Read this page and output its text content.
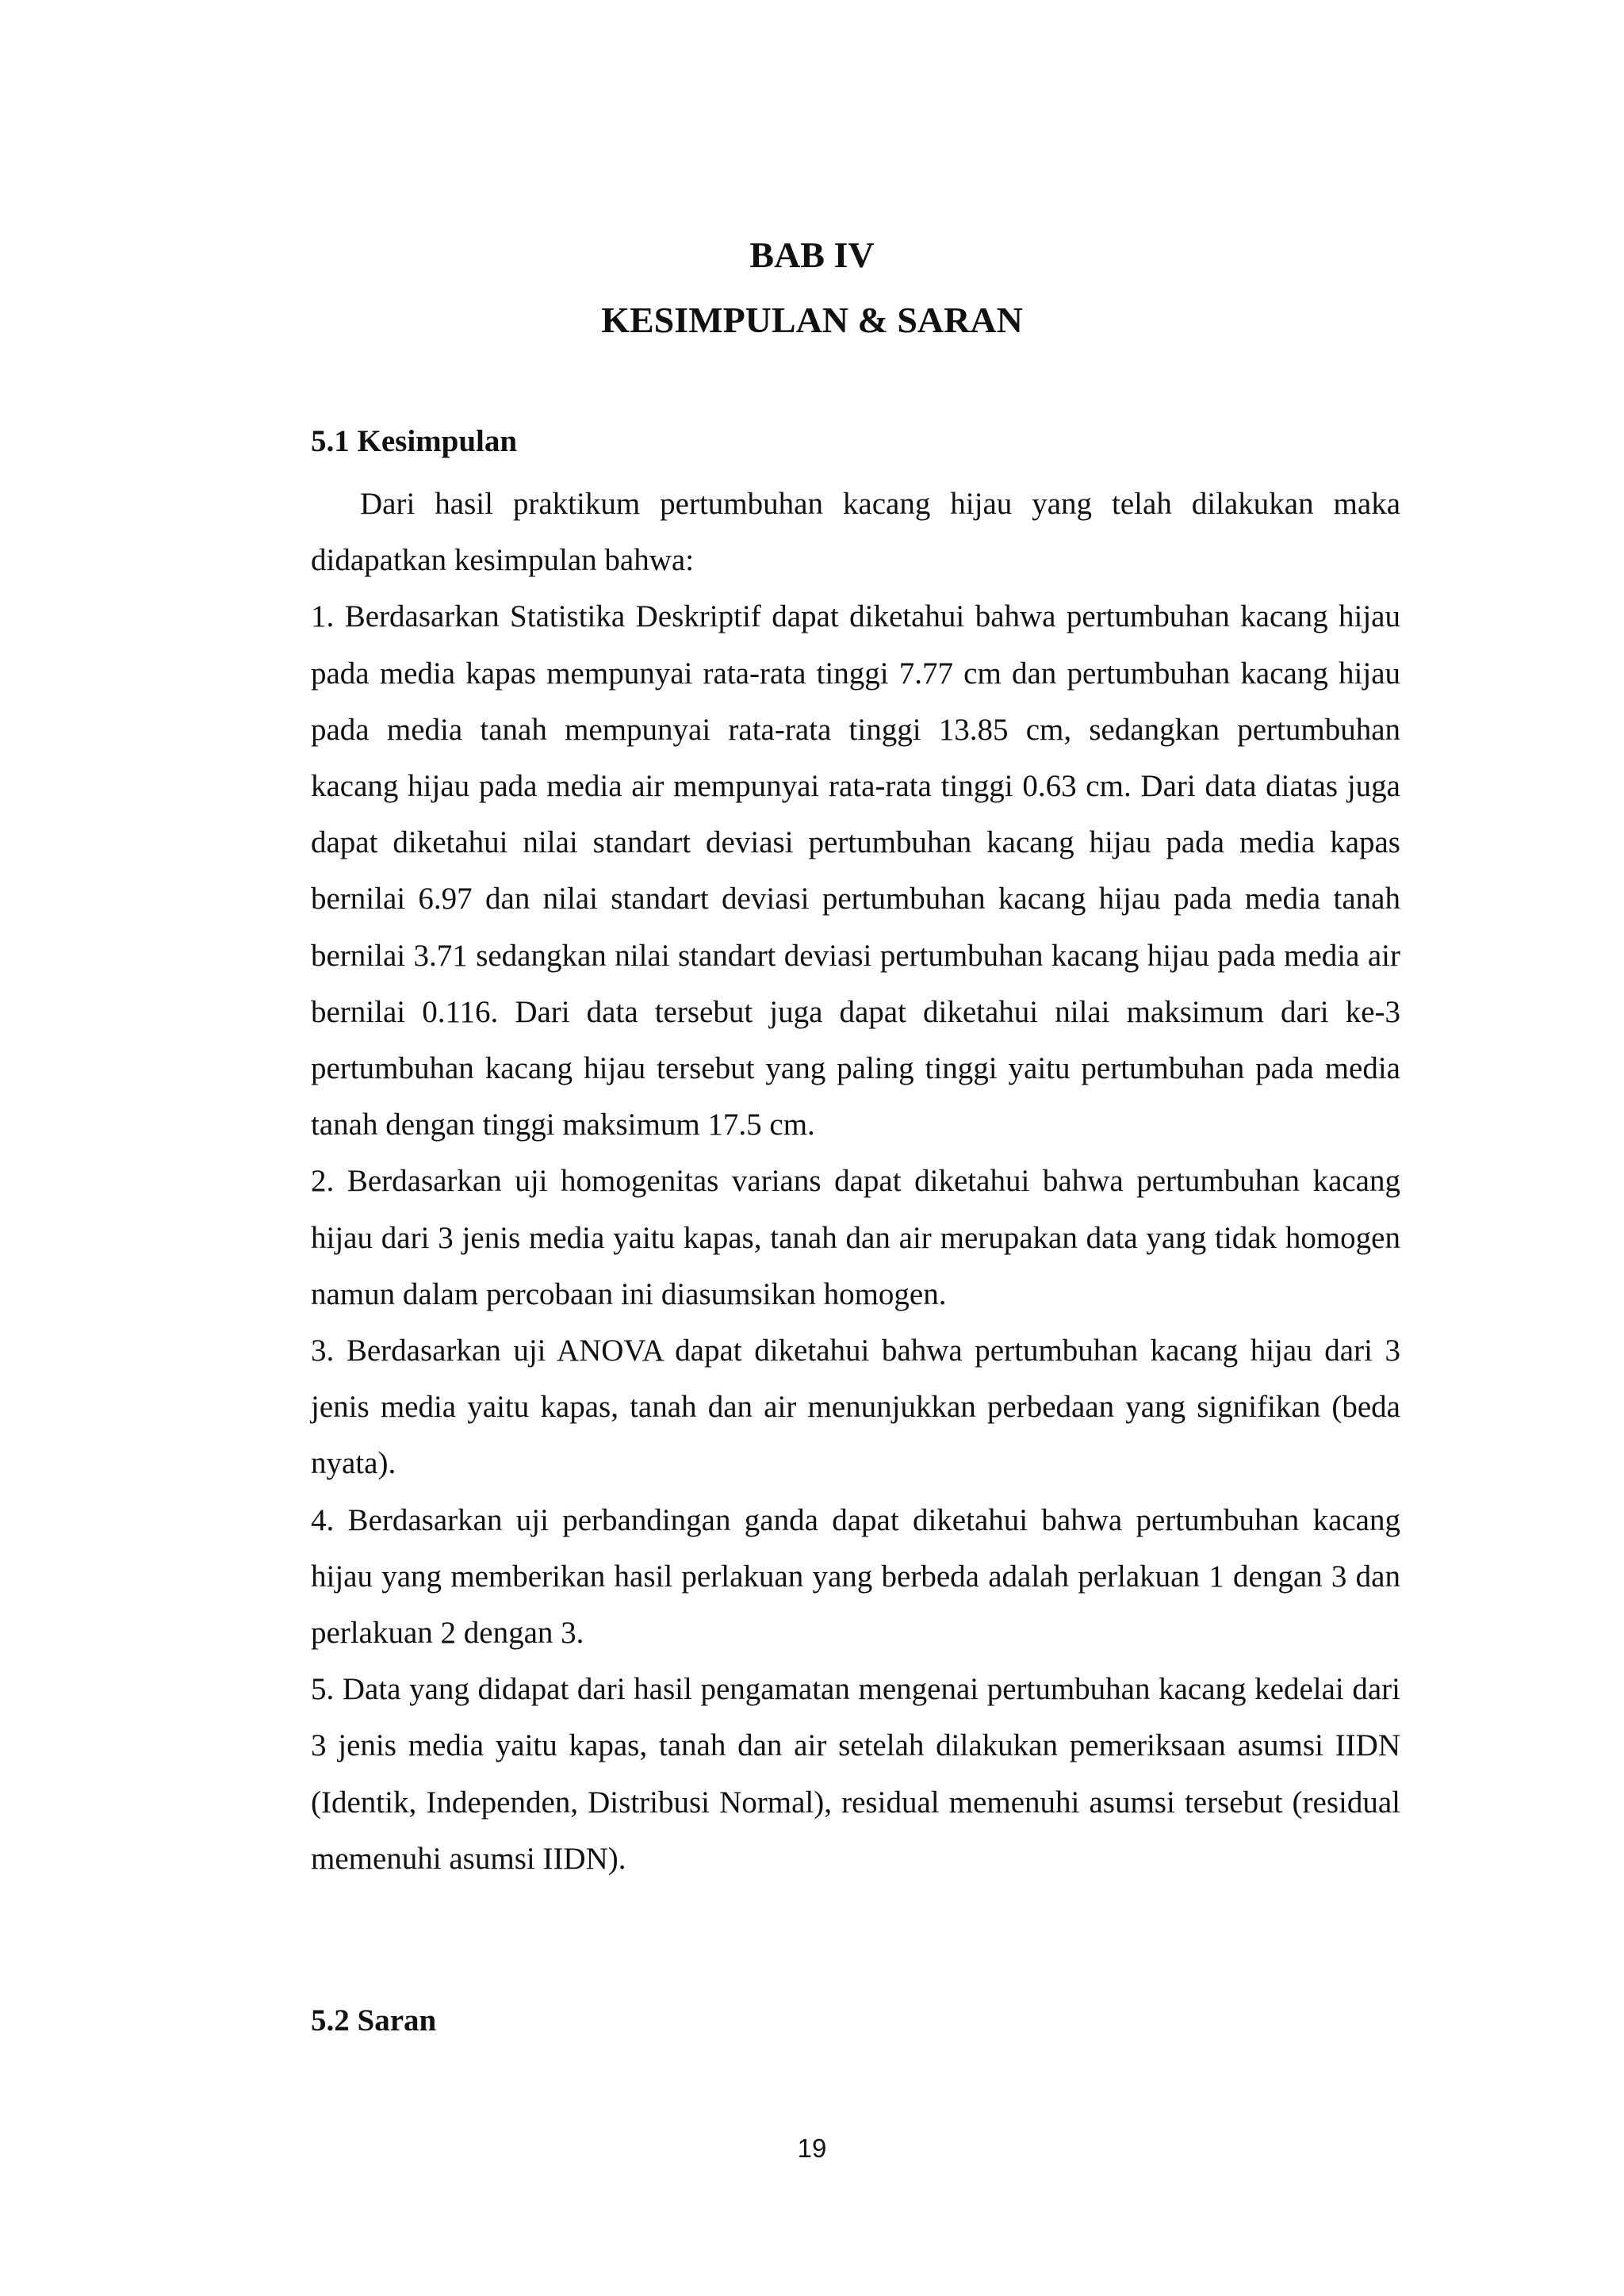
BAB IV
KESIMPULAN & SARAN
5.1 Kesimpulan

Dari hasil praktikum pertumbuhan kacang hijau yang telah dilakukan maka didapatkan kesimpulan bahwa:

1. Berdasarkan Statistika Deskriptif dapat diketahui bahwa pertumbuhan kacang hijau pada media kapas mempunyai rata-rata tinggi 7.77 cm dan pertumbuhan kacang hijau pada media tanah mempunyai rata-rata tinggi 13.85 cm, sedangkan pertumbuhan kacang hijau pada media air mempunyai rata-rata tinggi 0.63 cm. Dari data diatas juga dapat diketahui nilai standart deviasi pertumbuhan kacang hijau pada media kapas bernilai 6.97 dan nilai standart deviasi pertumbuhan kacang hijau pada media tanah bernilai 3.71 sedangkan nilai standart deviasi pertumbuhan kacang hijau pada media air bernilai 0.116. Dari data tersebut juga dapat diketahui nilai maksimum dari ke-3 pertumbuhan kacang hijau tersebut yang paling tinggi yaitu pertumbuhan pada media tanah dengan tinggi maksimum 17.5 cm.

2. Berdasarkan uji homogenitas varians dapat diketahui bahwa pertumbuhan kacang hijau dari 3 jenis media yaitu kapas, tanah dan air merupakan data yang tidak homogen namun dalam percobaan ini diasumsikan homogen.

3. Berdasarkan uji ANOVA dapat diketahui bahwa pertumbuhan kacang hijau dari 3 jenis media yaitu kapas, tanah dan air menunjukkan perbedaan yang signifikan (beda nyata).

4. Berdasarkan uji perbandingan ganda dapat diketahui bahwa pertumbuhan kacang hijau yang memberikan hasil perlakuan yang berbeda adalah perlakuan 1 dengan 3 dan perlakuan 2 dengan 3.

5. Data yang didapat dari hasil pengamatan mengenai pertumbuhan kacang kedelai dari 3 jenis media yaitu kapas, tanah dan air setelah dilakukan pemeriksaan asumsi IIDN (Identik, Independen, Distribusi Normal), residual memenuhi asumsi tersebut (residual memenuhi asumsi IIDN).

5.2 Saran
19
